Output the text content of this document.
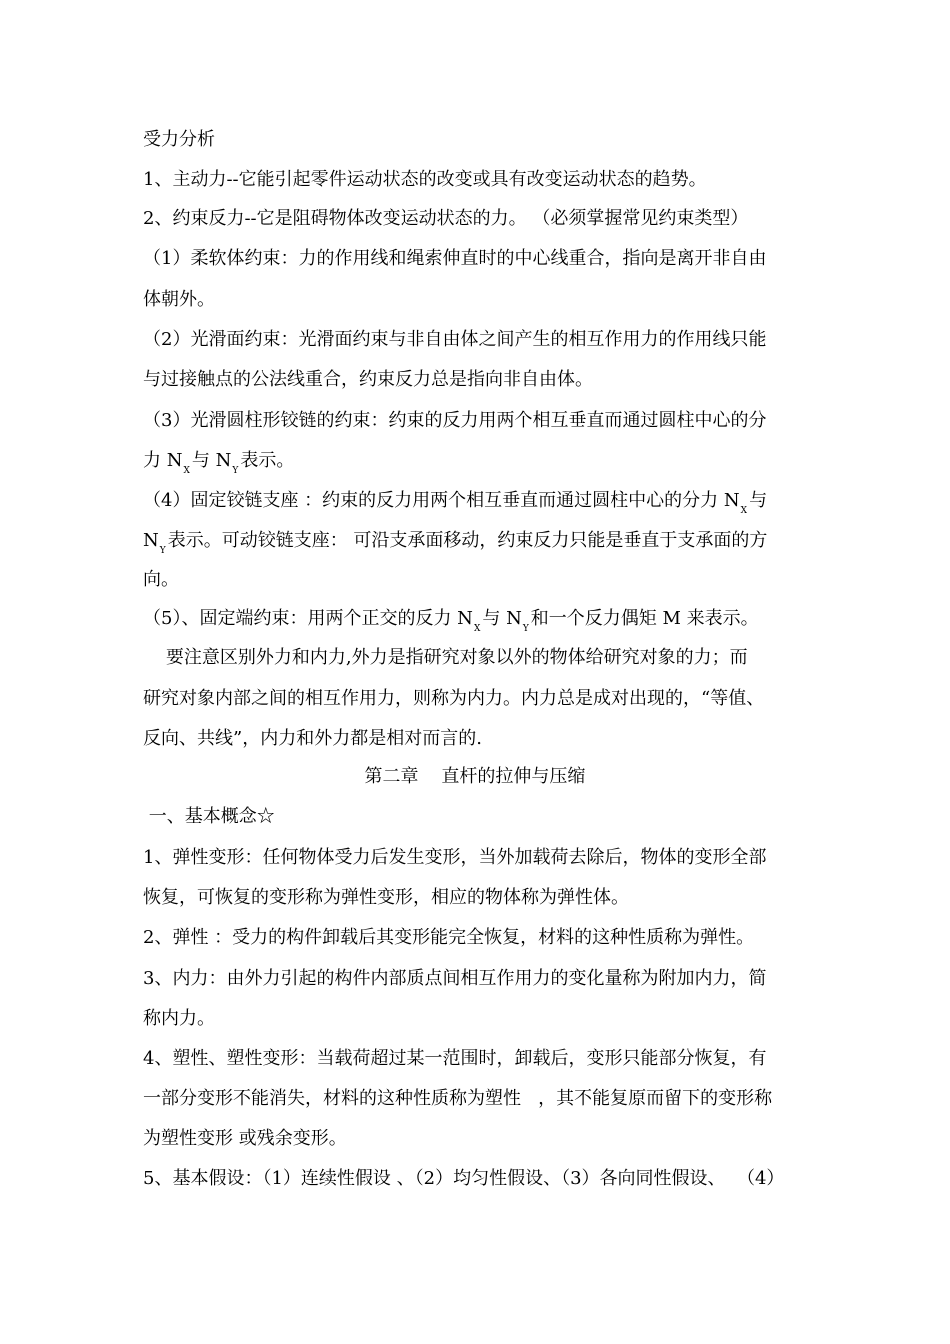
受力分析
1、主动力--它能引起零件运动状态的改变或具有改变运动状态的趋势。
2、约束反力--它是阻碍物体改变运动状态的力。 （必须掌握常见约束类型）
（1）柔软体约束：力的作用线和绳索伸直时的中心线重合，指向是离开非自由
体朝外。
（2）光滑面约束：光滑面约束与非自由体之间产生的相互作用力的作用线只能
与过接触点的公法线重合，约束反力总是指向非自由体。
（3）光滑圆柱形铰链的约束：约束的反力用两个相互垂直而通过圆柱中心的分
力 $N_X$ 与 $N_Y$ 表示。
（4）固定铰链支座 ：约束的反力用两个相互垂直而通过圆柱中心的分力 $N_X$ 与
$N_Y$ 表示。可动铰链支座： 可沿支承面移动，约束反力只能是垂直于支承面的方
向。
（5）、固定端约束：用两个正交的反力 $N_X$ 与 $N_Y$ 和一个反力偶矩 M 来表示。
要注意区别外力和内力,外力是指研究对象以外的物体给研究对象的力；而
研究对象内部之间的相互作用力，则称为内力。内力总是成对出现的，“等值、
反向、共线”，内力和外力都是相对而言的.
第二章    直杆的拉伸与压缩
一、基本概念☆
1、弹性变形：任何物体受力后发生变形，当外加载荷去除后，物体的变形全部
恢复，可恢复的变形称为弹性变形，相应的物体称为弹性体。
2、弹性 ：受力的构件卸载后其变形能完全恢复，材料的这种性质称为弹性。
3、内力：由外力引起的构件内部质点间相互作用力的变化量称为附加内力，简
称内力。
4、塑性、塑性变形：当载荷超过某一范围时，卸载后，变形只能部分恢复，有
一部分变形不能消失，材料的这种性质称为塑性   ，其不能复原而留下的变形称
为塑性变形 或残余变形。
5、基本假设：（1）连续性假设 、（2）均匀性假设、（3）各向同性假设、  （4）
